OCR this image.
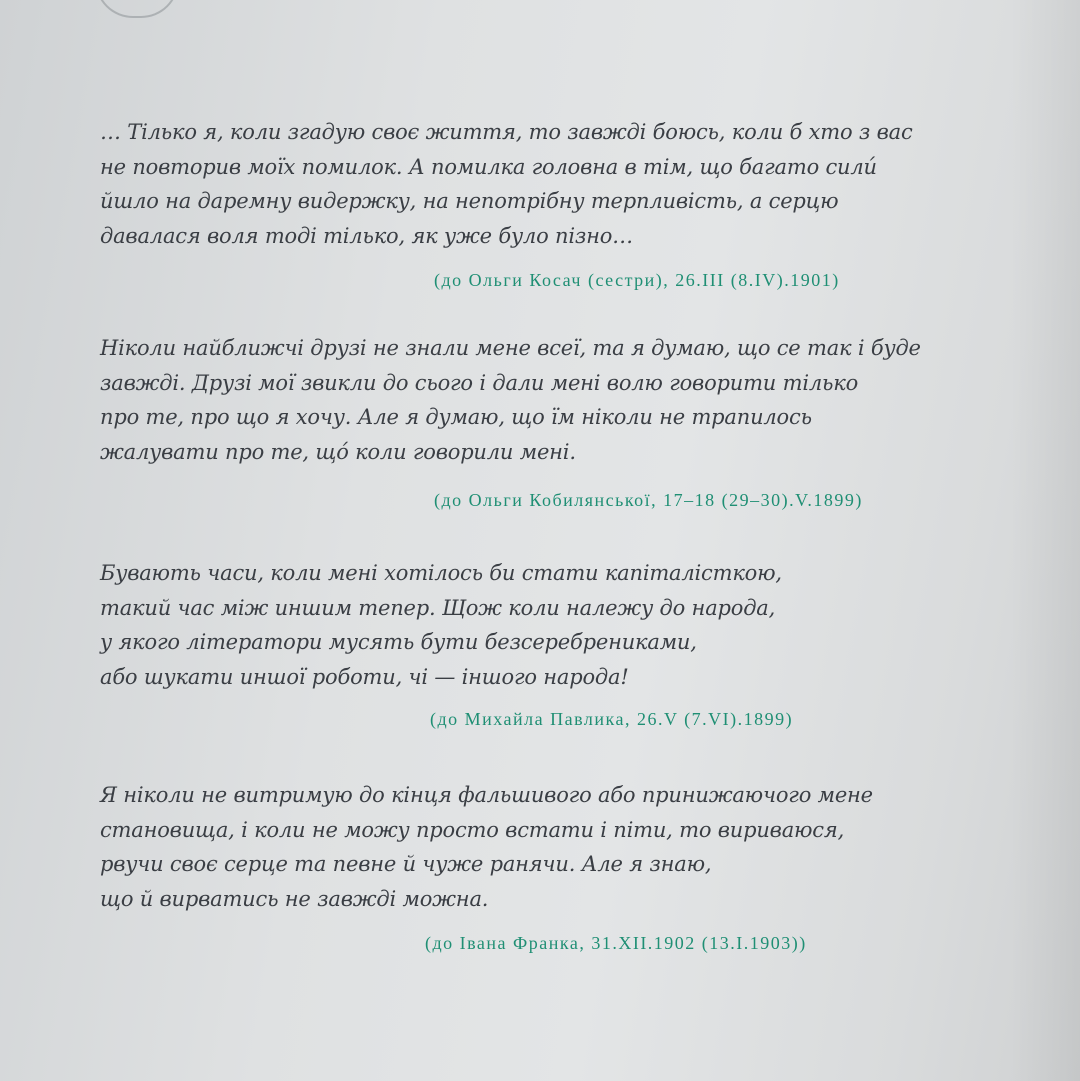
… Тілько я, коли згадую своє життя, то завжді боюсь, коли б хто з вас
не повторив моїх помилок. А помилка головна в тім, що багато сили́
йшло на даремну видержку, на непотрібну терпливість, а серцю
давалася воля тоді тілько, як уже було пізно…
(до Ольги Косач (сестри), 26.III (8.IV).1901)
Ніколи найближчі друзі не знали мене всеї, та я думаю, що се так і буде
завжді. Друзі мої звикли до сього і дали мені волю говорити тілько
про те, про що я хочу. Але я думаю, що їм ніколи не трапилось
жалувати про те, щó коли говорили мені.
(до Ольги Кобилянської, 17–18 (29–30).V.1899)
Бувають часи, коли мені хотілось би стати капіталісткою,
такий час між иншим тепер. Щож коли належу до народа,
у якого літератори мусять бути безсеребрениками,
або шукати иншої роботи, чі — іншого народа!
(до Михайла Павлика, 26.V (7.VI).1899)
Я ніколи не витримую до кінця фальшивого або принижаючого мене
становища, і коли не можу просто встати і піти, то вириваюся,
рвучи своє серце та певне й чуже ранячи. Але я знаю,
що й вирватись не завжді можна.
(до Івана Франка, 31.XII.1902 (13.I.1903))
